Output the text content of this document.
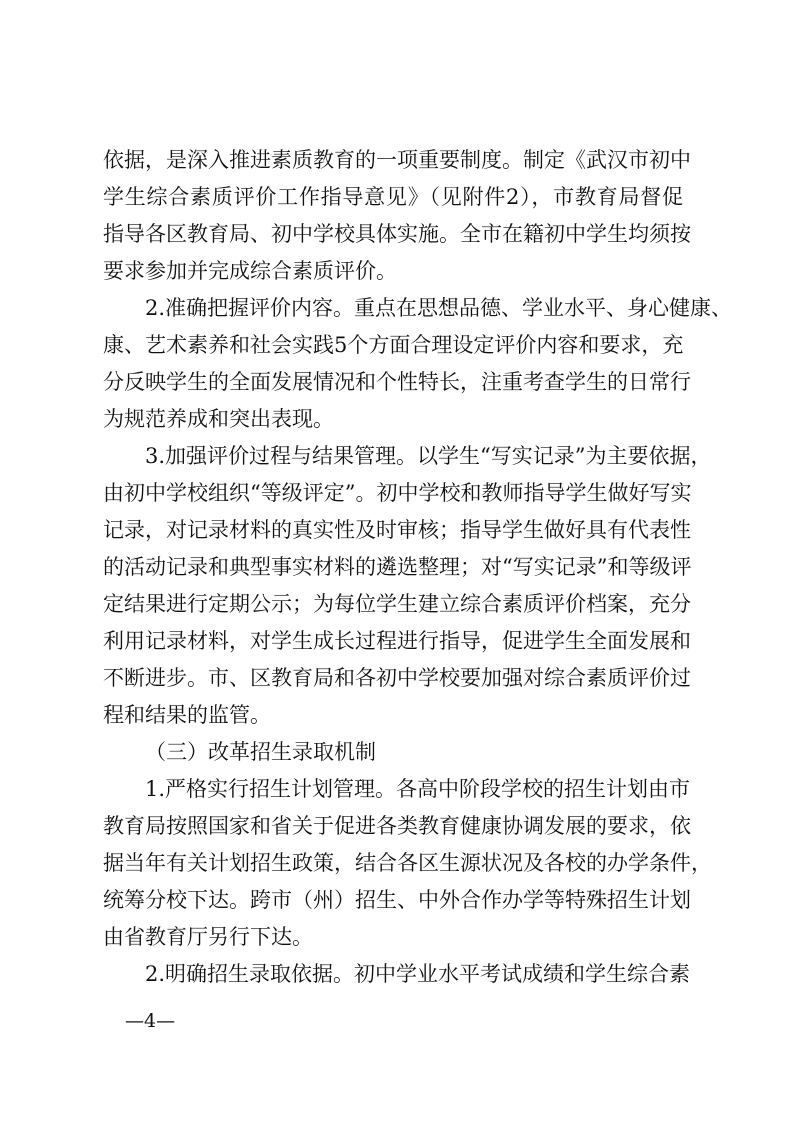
依据，是深入推进素质教育的一项重要制度。制定《武汉市初中
学生综合素质评价工作指导意见》（见附件2），市教育局督促
指导各区教育局、初中学校具体实施。全市在籍初中学生均须按
要求参加并完成综合素质评价。
2.准确把握评价内容。重点在思想品德、学业水平、身心健康、
康、艺术素养和社会实践5个方面合理设定评价内容和要求，充
分反映学生的全面发展情况和个性特长，注重考查学生的日常行
为规范养成和突出表现。
3.加强评价过程与结果管理。以学生“写实记录”为主要依据，
由初中学校组织“等级评定”。初中学校和教师指导学生做好写实
记录，对记录材料的真实性及时审核；指导学生做好具有代表性
的活动记录和典型事实材料的遴选整理；对“写实记录”和等级评
定结果进行定期公示；为每位学生建立综合素质评价档案，充分
利用记录材料，对学生成长过程进行指导，促进学生全面发展和
不断进步。市、区教育局和各初中学校要加强对综合素质评价过
程和结果的监管。
（三）改革招生录取机制
1.严格实行招生计划管理。各高中阶段学校的招生计划由市
教育局按照国家和省关于促进各类教育健康协调发展的要求，依
据当年有关计划招生政策，结合各区生源状况及各校的办学条件，
统筹分校下达。跨市（州）招生、中外合作办学等特殊招生计划
由省教育厅另行下达。
2.明确招生录取依据。初中学业水平考试成绩和学生综合素
—4—
